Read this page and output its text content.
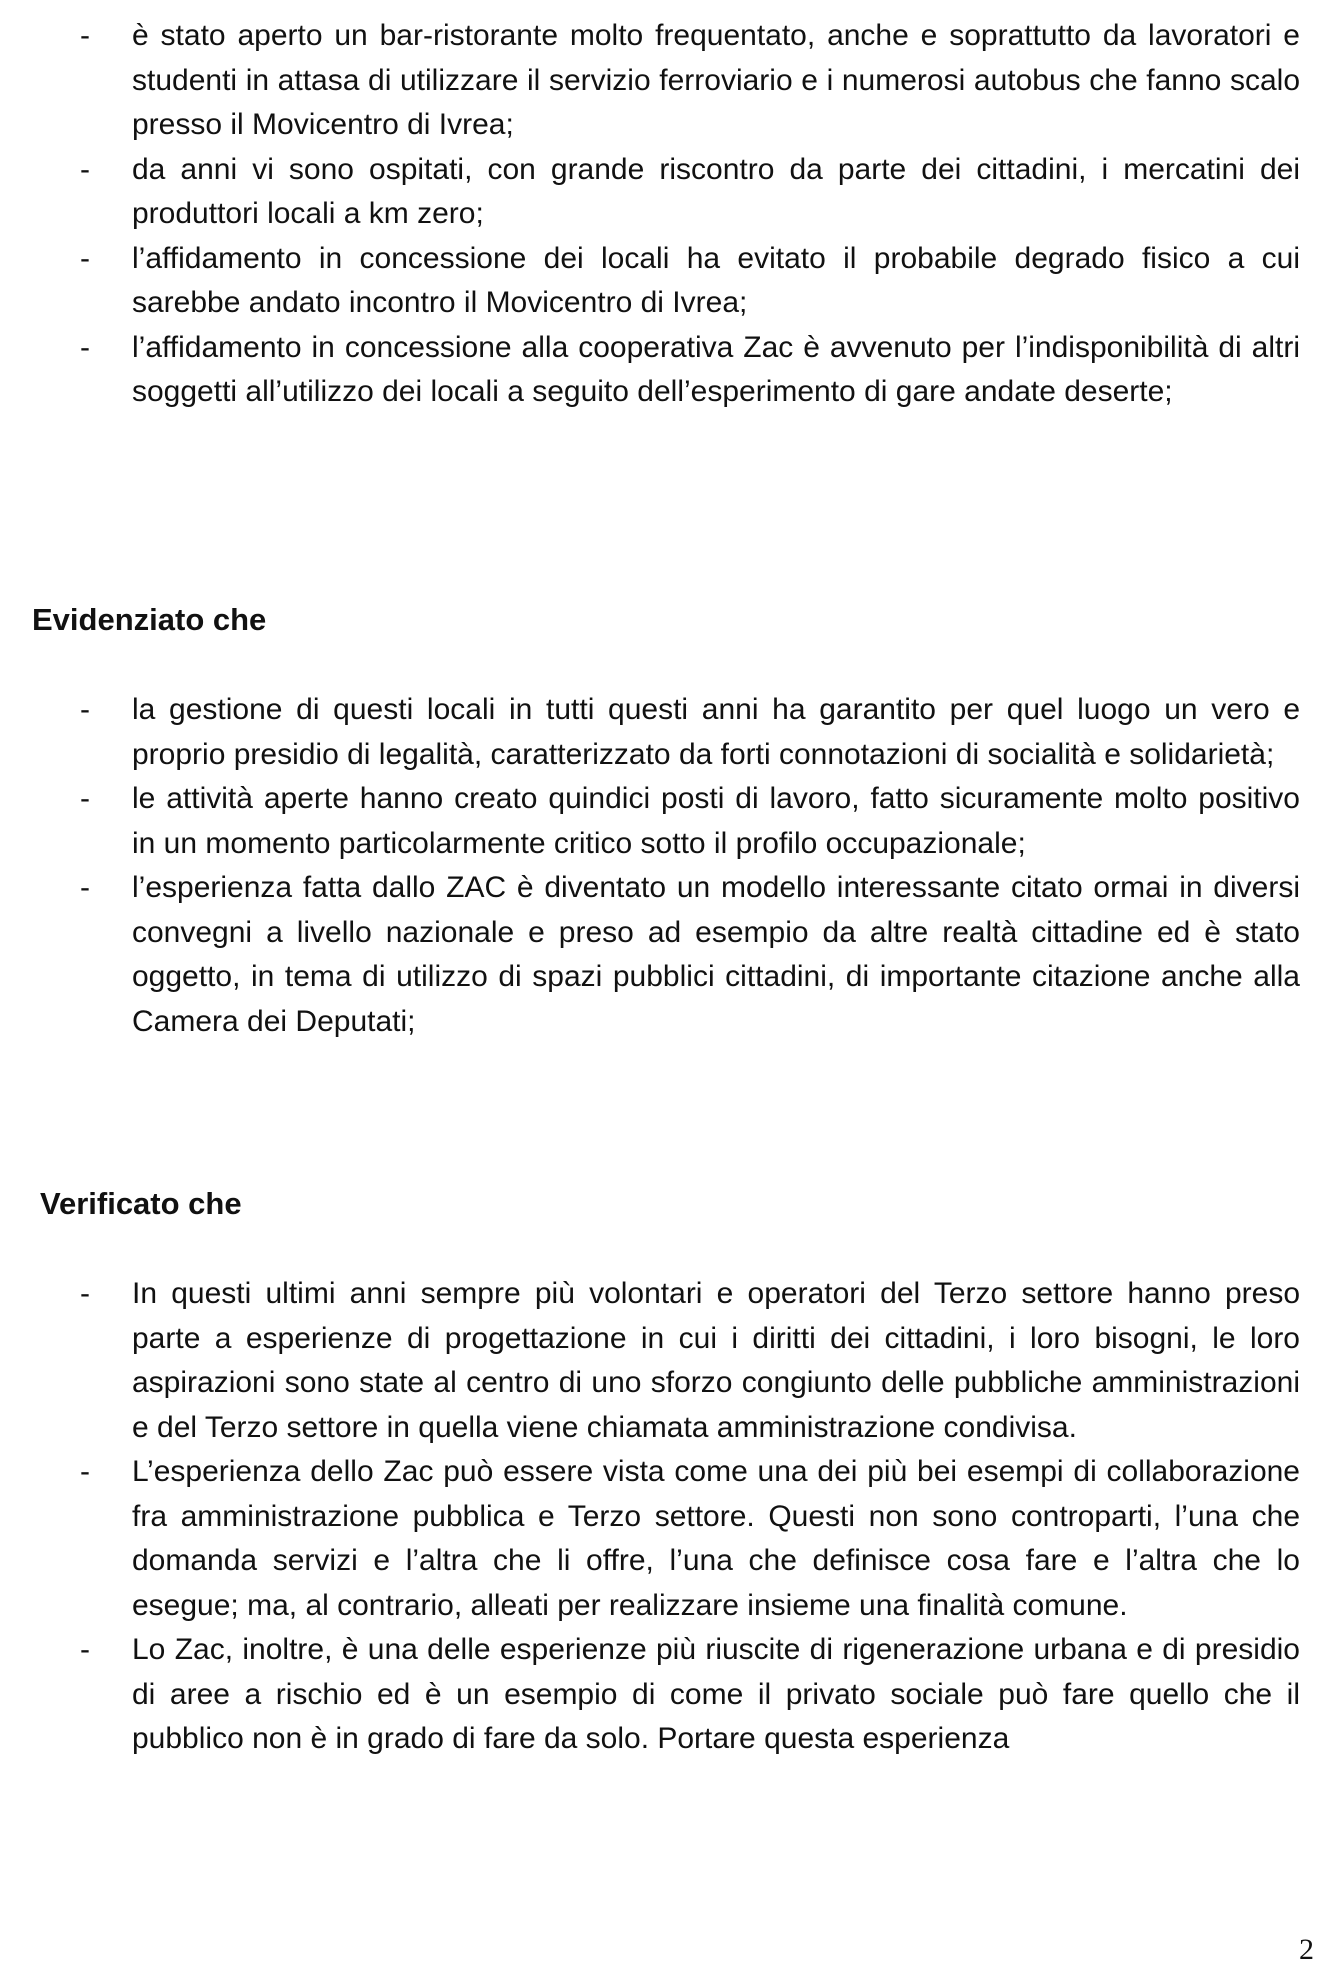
- è stato aperto un bar-ristorante molto frequentato, anche e soprattutto da lavoratori e studenti in attasa di utilizzare il servizio ferroviario e i numerosi autobus che fanno scalo presso il Movicentro di Ivrea;
- da anni vi sono ospitati, con grande riscontro da parte dei cittadini, i mercatini dei produttori locali a km zero;
- l’affidamento in concessione dei locali ha evitato il probabile degrado fisico a cui sarebbe andato incontro il Movicentro di Ivrea;
- l’affidamento in concessione alla cooperativa Zac è avvenuto per l’indisponibilità di altri soggetti all’utilizzo dei locali a seguito dell’esperimento di gare andate deserte;
Evidenziato che
- la gestione di questi locali in tutti questi anni ha garantito per quel luogo un vero e proprio presidio di legalità, caratterizzato da forti connotazioni di socialità e solidarietà;
- le attività aperte hanno creato quindici posti di lavoro, fatto sicuramente molto positivo in un momento particolarmente critico sotto il profilo occupazionale;
- l’esperienza fatta dallo ZAC è diventato un modello interessante citato ormai in diversi convegni a livello nazionale e preso ad esempio da altre realtà cittadine ed è stato oggetto, in tema di utilizzo di spazi pubblici cittadini, di importante citazione anche alla Camera dei Deputati;
Verificato che
- In questi ultimi anni sempre più volontari e operatori del Terzo settore hanno preso parte a esperienze di progettazione in cui i diritti dei cittadini, i loro bisogni, le loro aspirazioni sono state al centro di uno sforzo congiunto delle pubbliche amministrazioni e del Terzo settore in quella viene chiamata amministrazione condivisa.
- L’esperienza dello Zac può essere vista come una dei più bei esempi di collaborazione fra amministrazione pubblica e Terzo settore. Questi non sono controparti, l’una che domanda servizi e l’altra che li offre, l’una che definisce cosa fare e l’altra che lo esegue; ma, al contrario, alleati per realizzare insieme una finalità comune.
- Lo Zac, inoltre, è una delle esperienze più riuscite di rigenerazione urbana e di presidio di aree a rischio ed è un esempio di come il privato sociale può fare quello che il pubblico non è in grado di fare da solo. Portare questa esperienza
2
